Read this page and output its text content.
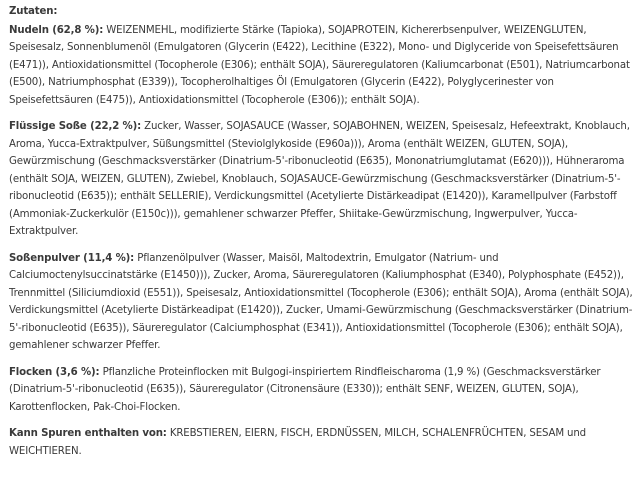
Zutaten:

Nudeln (62,8 %): WEIZENMEHL, modifizierte Stärke (Tapioka), SOJAPROTEIN, Kichererbsenpulver, WEIZENGLUTEN, Speisesalz, Sonnenblumenöl (Emulgatoren (Glycerin (E422), Lecithine (E322), Mono- und Diglyceride von Speisefettsäuren (E471)), Antioxidationsmittel (Tocopherole (E306); enthält SOJA), Säureregulatoren (Kaliumcarbonat (E501), Natriumcarbonat (E500), Natriumphosphat (E339)), Tocopherolhaltiges Öl (Emulgatoren (Glycerin (E422), Polyglycerinester von Speisefettsäuren (E475)), Antioxidationsmittel (Tocopherole (E306)); enthält SOJA).

Flüssige Soße (22,2 %): Zucker, Wasser, SOJASAUCE (Wasser, SOJABOHNEN, WEIZEN, Speisesalz, Hefeextrakt, Knoblauch, Aroma, Yucca-Extraktpulver, Süßungsmittel (Steviolglykoside (E960a))), Aroma (enthält WEIZEN, GLUTEN, SOJA), Gewürzmischung (Geschmacksverstärker (Dinatrium-5'-ribonucleotid (E635), Mononatriumglutamat (E620))), Hühneraroma (enthält SOJA, WEIZEN, GLUTEN), Zwiebel, Knoblauch, SOJASAUCE-Gewürzmischung (Geschmacksverstärker (Dinatrium-5'-ribonucleotid (E635)); enthält SELLERIE), Verdickungsmittel (Acetylierte Distärkeadipat (E1420)), Karamellpulver (Farbstoff (Ammoniak-Zuckerkulör (E150c))), gemahlener schwarzer Pfeffer, Shiitake-Gewürzmischung, Ingwerpulver, Yucca-Extraktpulver.

Soßenpulver (11,4 %): Pflanzenölpulver (Wasser, Maisöl, Maltodextrin, Emulgator (Natrium- und Calciumoctenylsuccinatstärke (E1450))), Zucker, Aroma, Säureregulatoren (Kaliumphosphat (E340), Polyphosphate (E452)), Trennmittel (Siliciumdioxid (E551)), Speisesalz, Antioxidationsmittel (Tocopherole (E306); enthält SOJA), Aroma (enthält SOJA), Verdickungsmittel (Acetylierte Distärkeadipat (E1420)), Zucker, Umami-Gewürzmischung (Geschmacksverstärker (Dinatrium-5'-ribonucleotid (E635)), Säureregulator (Calciumphosphat (E341)), Antioxidationsmittel (Tocopherole (E306); enthält SOJA), gemahlener schwarzer Pfeffer.

Flocken (3,6 %): Pflanzliche Proteinflocken mit Bulgogi-inspiriertem Rindfleischaroma (1,9 %) (Geschmacksverstärker (Dinatrium-5'-ribonucleotid (E635)), Säureregulator (Citronensäure (E330)); enthält SENF, WEIZEN, GLUTEN, SOJA), Karottenflocken, Pak-Choi-Flocken.

Kann Spuren enthalten von: KREBSTIEREN, EIERN, FISCH, ERDNÜSSEN, MILCH, SCHALENFRÜCHTEN, SESAM und WEICHTIEREN.
